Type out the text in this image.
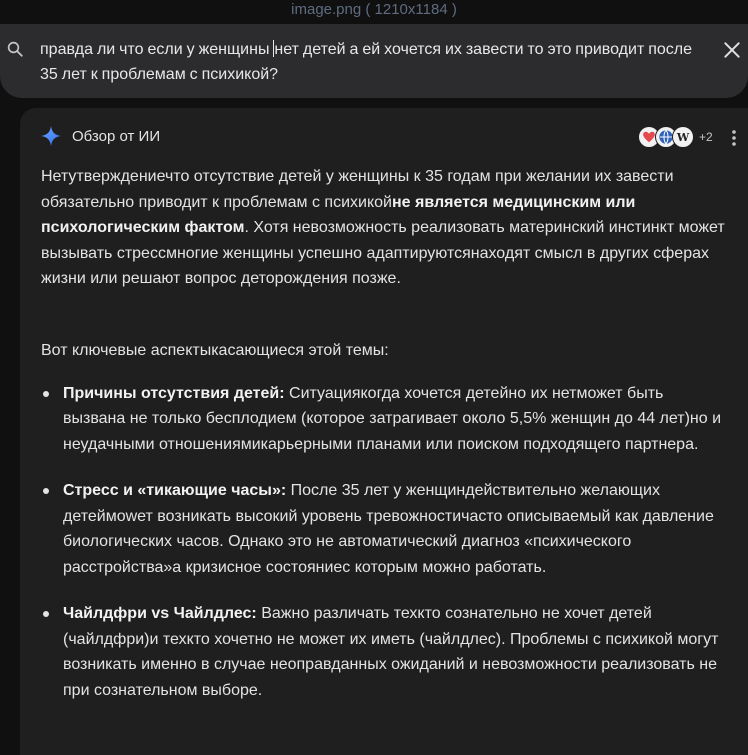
image.png ( 1210x1184 )
правда ли что если у женщины нет детей а ей хочется их завести то это приводит после 35 лет к проблемам с психикой?
Обзор от ИИ	W +2

Нетутверждениечто отсутствие детей у женщины к 35 годам при желании их завести обязательно приводит к проблемам с психикойне является медицинским или психологическим фактом. Хотя невозможность реализовать материнский инстинкт может вызывать стрессмногие женщины успешно адаптируютсянаходят смысл в других сферах жизни или решают вопрос деторождения позже.

Вот ключевые аспектыкасающиеся этой темы:

Причины отсутствия детей: Ситуациякогда хочется детейно их нетможет быть вызвана не только бесплодием (которое затрагивает около 5,5% женщин до 44 лет)но и неудачными отношениямикарьерными планами или поиском подходящего партнера.
Стресс и «тикающие часы»: После 35 лет у женщиндействительно желающих детеймowет возникать высокий уровень тревожностичасто описываемый как давление биологических часов. Однако это не автоматический диагноз «психического расстройства»а кризисное состояниес которым можно работать.
Чайлдфри vs Чайлдлес: Важно различать техкто сознательно не хочет детей (чайлдфри)и техкто хочетно не может их иметь (чайлдлес). Проблемы с психикой могут возникать именно в случае неоправданных ожиданий и невозможности реализовать не при сознательном выборе.
